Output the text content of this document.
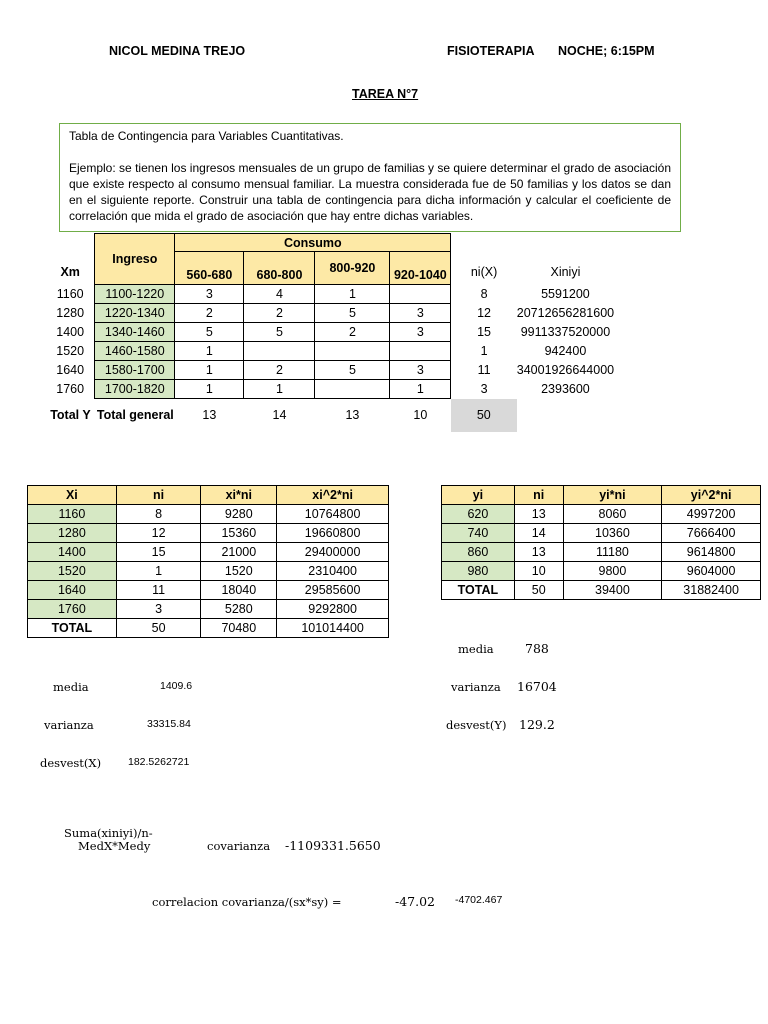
NICOL MEDINA TREJO	FISIOTERAPIA NOCHE; 6:15PM
TAREA N°7

Tabla de Contingencia para Variables Cuantitativas.

Ejemplo: se tienen los ingresos mensuales de un grupo de familias y se quiere determinar el grado de asociación que existe respecto al consumo mensual familiar. La muestra considerada fue de 50 familias y los datos se dan en el siguiente reporte. Construir una tabla de contingencia para dicha información y calcular el coeficiente de correlación que mida el grado de asociación que hay entre dichas variables.

Xm	Ingreso	Consumo				ni(X)	Xiniyi
		560-680	680-800	800-920	920-1040		
1160	1100-1220	3	4	1		8	5591200
1280	1220-1340	2	2	5	3	12	20712656281600
1400	1340-1460	5	5	2	3	15	9911337520000
1520	1460-1580	1				1	942400
1640	1580-1700	1	2	5	3	11	34001926644000
1760	1700-1820	1	1		1	3	2393600
Total Y	Total general	13	14	13	10	50	
Xi	ni	xi*ni	xi^2*ni
1160	8	9280	10764800
1280	12	15360	19660800
1400	15	21000	29400000
1520	1	1520	2310400
1640	11	18040	29585600
1760	3	5280	9292800
TOTAL	50	70480	101014400
yi	ni	yi*ni	yi^2*ni
620	13	8060	4997200
740	14	10360	7666400
860	13	11180	9614800
980	10	9800	9604000
TOTAL	50	39400	31882400
media	1409.6
varianza	33315.84
desvest(X)	182.5262721
media	788
varianza 16704
desvest(Y) 129.2
Suma(xiniyi)/n-
MedX*Medy	covarianza -1109331.5650
correlacion covarianza/(sx*sy) =	-47.02 -4702.467
